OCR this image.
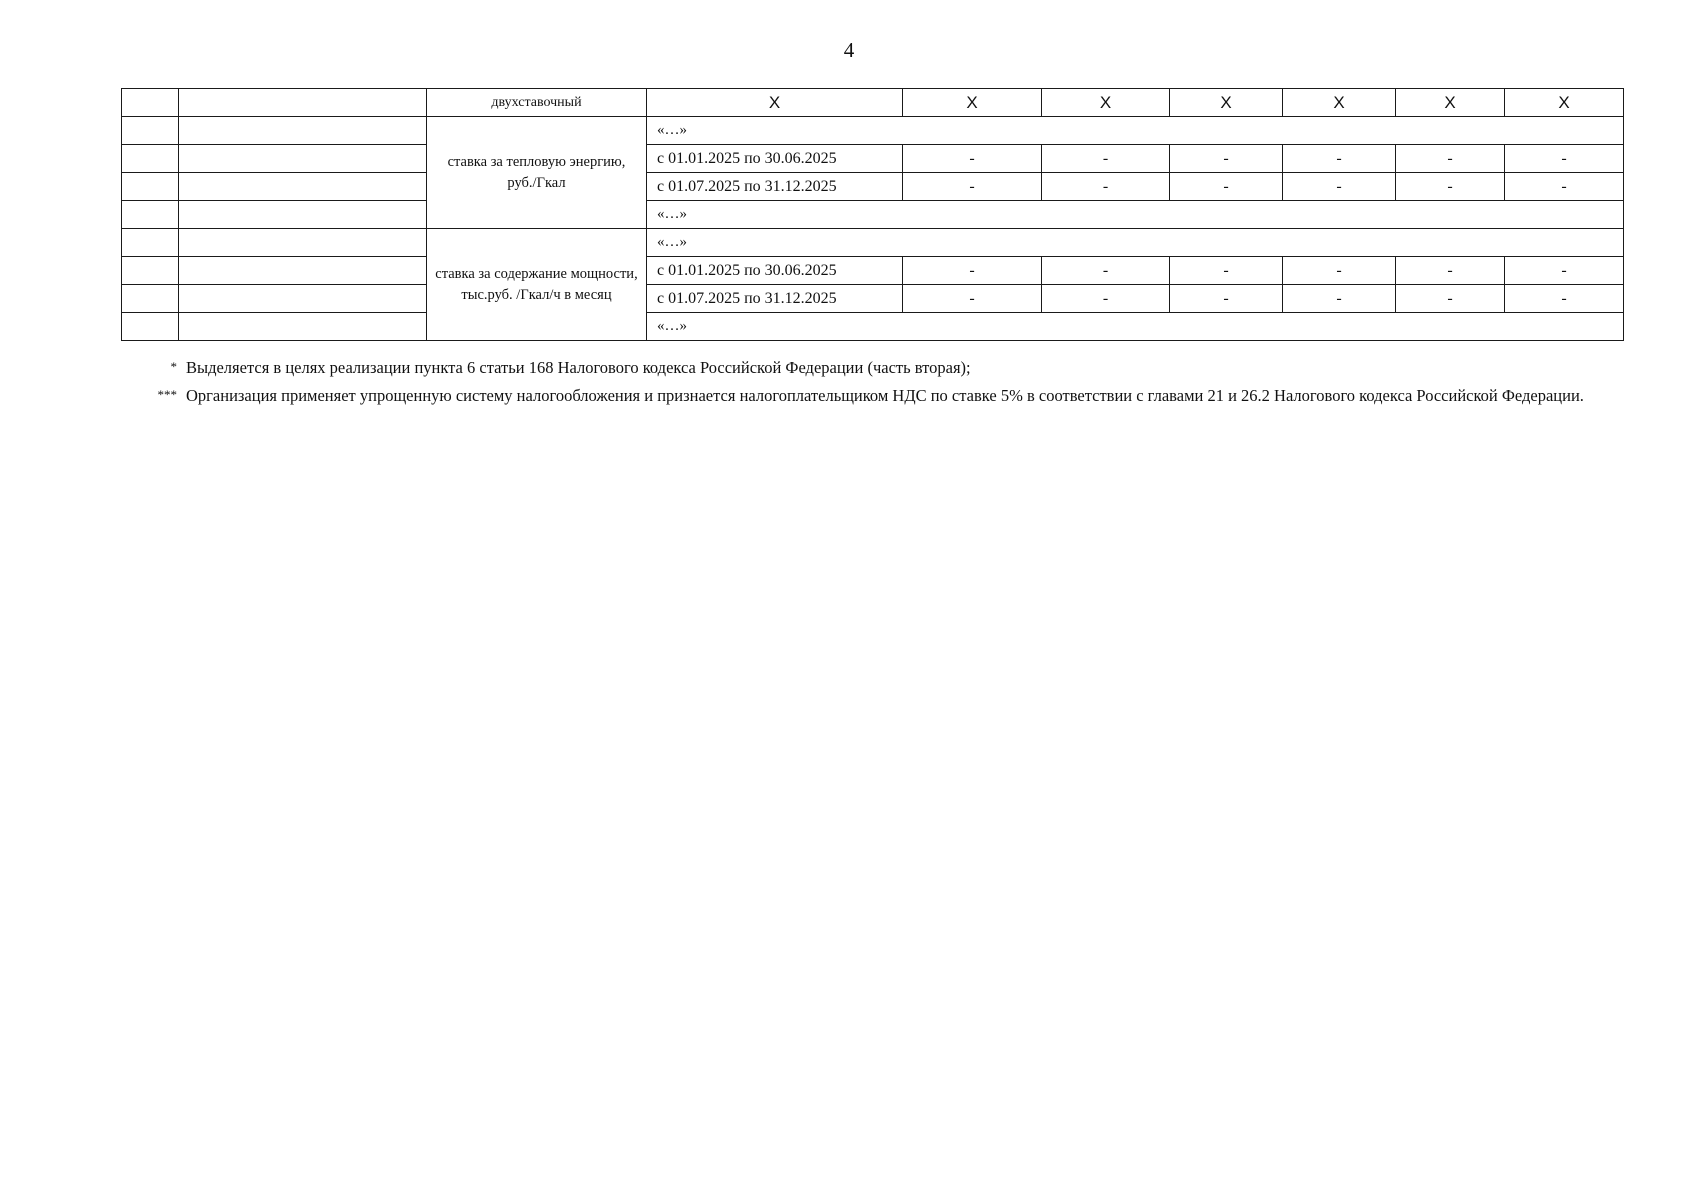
4
		двухставочный	Х	Х	Х	Х	Х	Х	Х
		ставка за тепловую энергию, руб./Гкал	«…»						
			с 01.01.2025 по 30.06.2025	-	-	-	-	-	-
			с 01.07.2025 по 31.12.2025	-	-	-	-	-	-
			«…»						
		ставка за содержание мощности, тыс.руб. /Гкал/ч в месяц	«…»						
			с 01.01.2025 по 30.06.2025	-	-	-	-	-	-
			с 01.07.2025 по 31.12.2025	-	-	-	-	-	-
			«…»						
* Выделяется в целях реализации пункта 6 статьи 168 Налогового кодекса Российской Федерации (часть вторая);
*** Организация применяет упрощенную систему налогообложения и признается налогоплательщиком НДС по ставке 5% в соответствии с главами 21 и 26.2 Налогового кодекса Российской Федерации.
